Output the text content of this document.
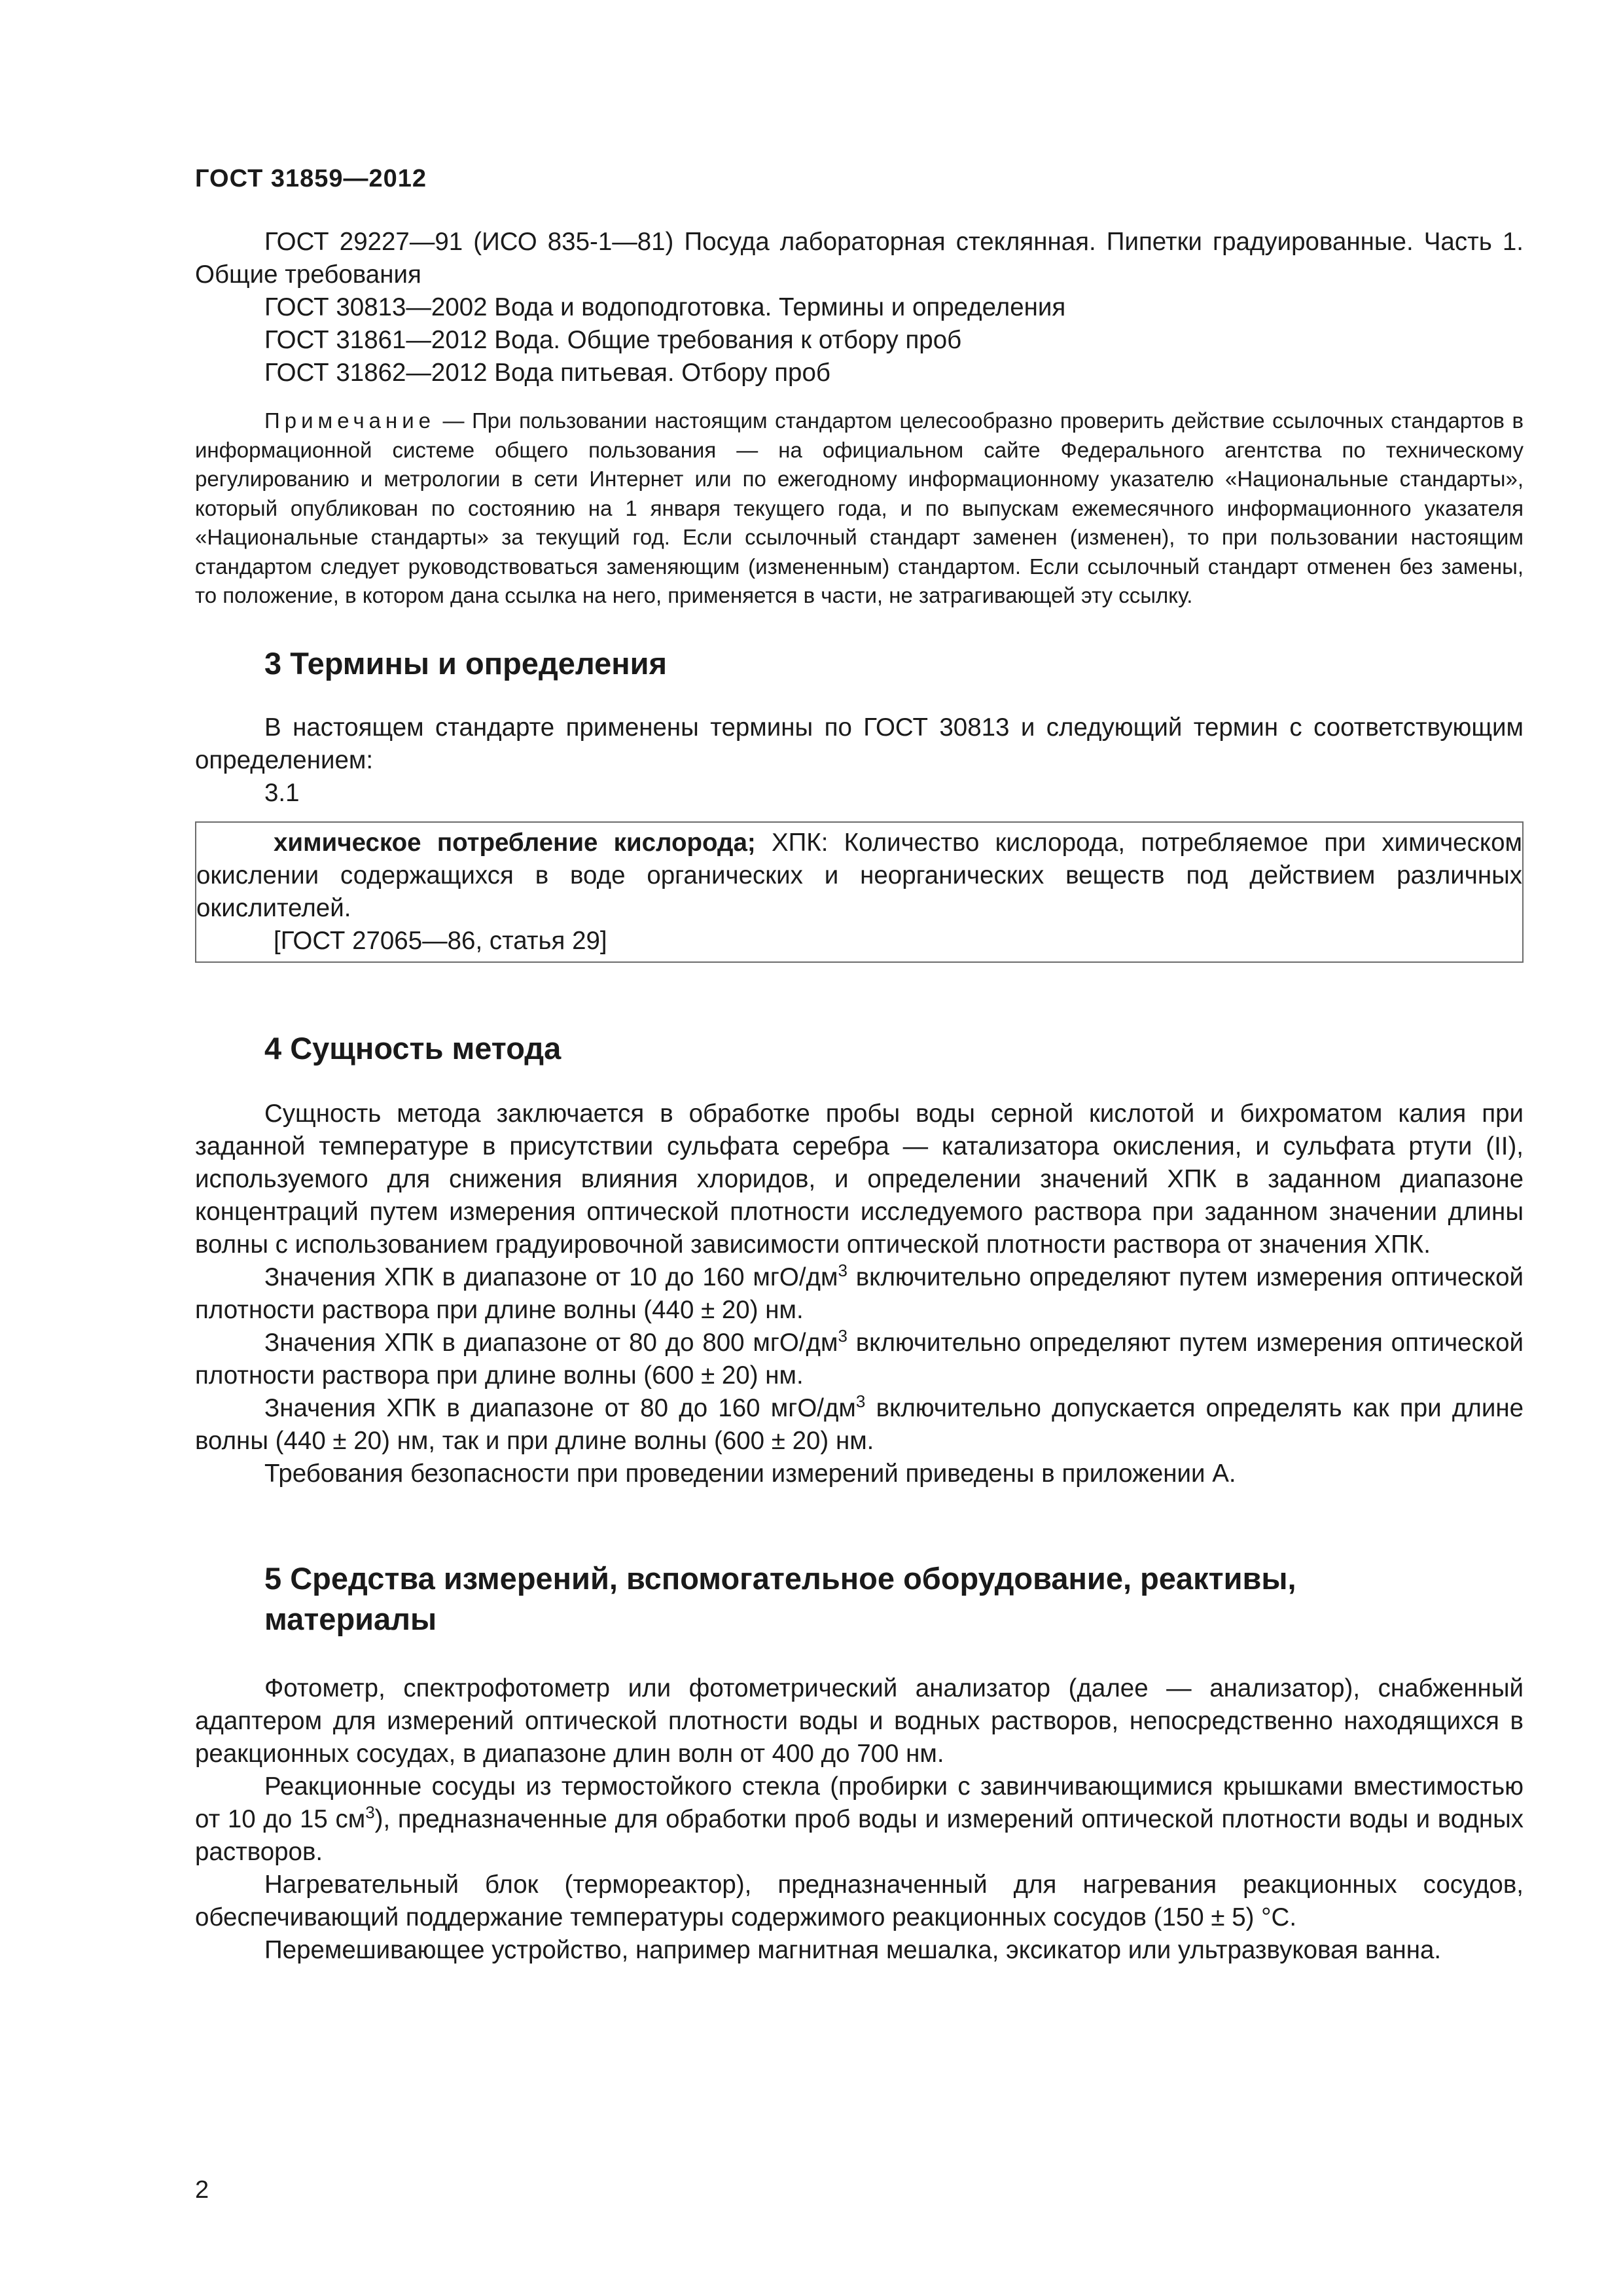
ГОСТ 31859—2012

ГОСТ 29227—91 (ИСО 835-1—81) Посуда лабораторная стеклянная. Пипетки градуированные. Часть 1. Общие требования

ГОСТ 30813—2002 Вода и водоподготовка. Термины и определения

ГОСТ 31861—2012 Вода. Общие требования к отбору проб

ГОСТ 31862—2012 Вода питьевая. Отбору проб

Примечание — При пользовании настоящим стандартом целесообразно проверить действие ссылочных стандартов в информационной системе общего пользования — на официальном сайте Федерального агентства по техническому регулированию и метрологии в сети Интернет или по ежегодному информационному указателю «Национальные стандарты», который опубликован по состоянию на 1 января текущего года, и по выпускам ежемесячного информационного указателя «Национальные стандарты» за текущий год. Если ссылочный стандарт заменен (изменен), то при пользовании настоящим стандартом следует руководствоваться заменяющим (измененным) стандартом. Если ссылочный стандарт отменен без замены, то положение, в котором дана ссылка на него, применяется в части, не затрагивающей эту ссылку.

3 Термины и определения

В настоящем стандарте применены термины по ГОСТ 30813 и следующий термин с соответствующим определением:

3.1

химическое потребление кислорода; ХПК: Количество кислорода, потребляемое при химическом окислении содержащихся в воде органических и неорганических веществ под действием различных окислителей.

[ГОСТ 27065—86, статья 29]

4 Сущность метода

Сущность метода заключается в обработке пробы воды серной кислотой и бихроматом калия при заданной температуре в присутствии сульфата серебра — катализатора окисления, и сульфата ртути (II), используемого для снижения влияния хлоридов, и определении значений ХПК в заданном диапазоне концентраций путем измерения оптической плотности исследуемого раствора при заданном значении длины волны с использованием градуировочной зависимости оптической плотности раствора от значения ХПК.

Значения ХПК в диапазоне от 10 до 160 мгО/$дм^3$ включительно определяют путем измерения оптической плотности раствора при длине волны (440 ± 20) нм.

Значения ХПК в диапазоне от 80 до 800 мгО/$дм^3$ включительно определяют путем измерения оптической плотности раствора при длине волны (600 ± 20) нм.

Значения ХПК в диапазоне от 80 до 160 мгО/$дм^3$ включительно допускается определять как при длине волны (440 ± 20) нм, так и при длине волны (600 ± 20) нм.

Требования безопасности при проведении измерений приведены в приложении А.

5 Средства измерений, вспомогательное оборудование, реактивы, материалы

Фотометр, спектрофотометр или фотометрический анализатор (далее — анализатор), снабженный адаптером для измерений оптической плотности воды и водных растворов, непосредственно находящихся в реакционных сосудах, в диапазоне длин волн от 400 до 700 нм.

Реакционные сосуды из термостойкого стекла (пробирки с завинчивающимися крышками вместимостью от 10 до 15 $см^3$), предназначенные для обработки проб воды и измерений оптической плотности воды и водных растворов.

Нагревательный блок (термореактор), предназначенный для нагревания реакционных сосудов, обеспечивающий поддержание температуры содержимого реакционных сосудов (150 ± 5) °С.

Перемешивающее устройство, например магнитная мешалка, эксикатор или ультразвуковая ванна.

2
